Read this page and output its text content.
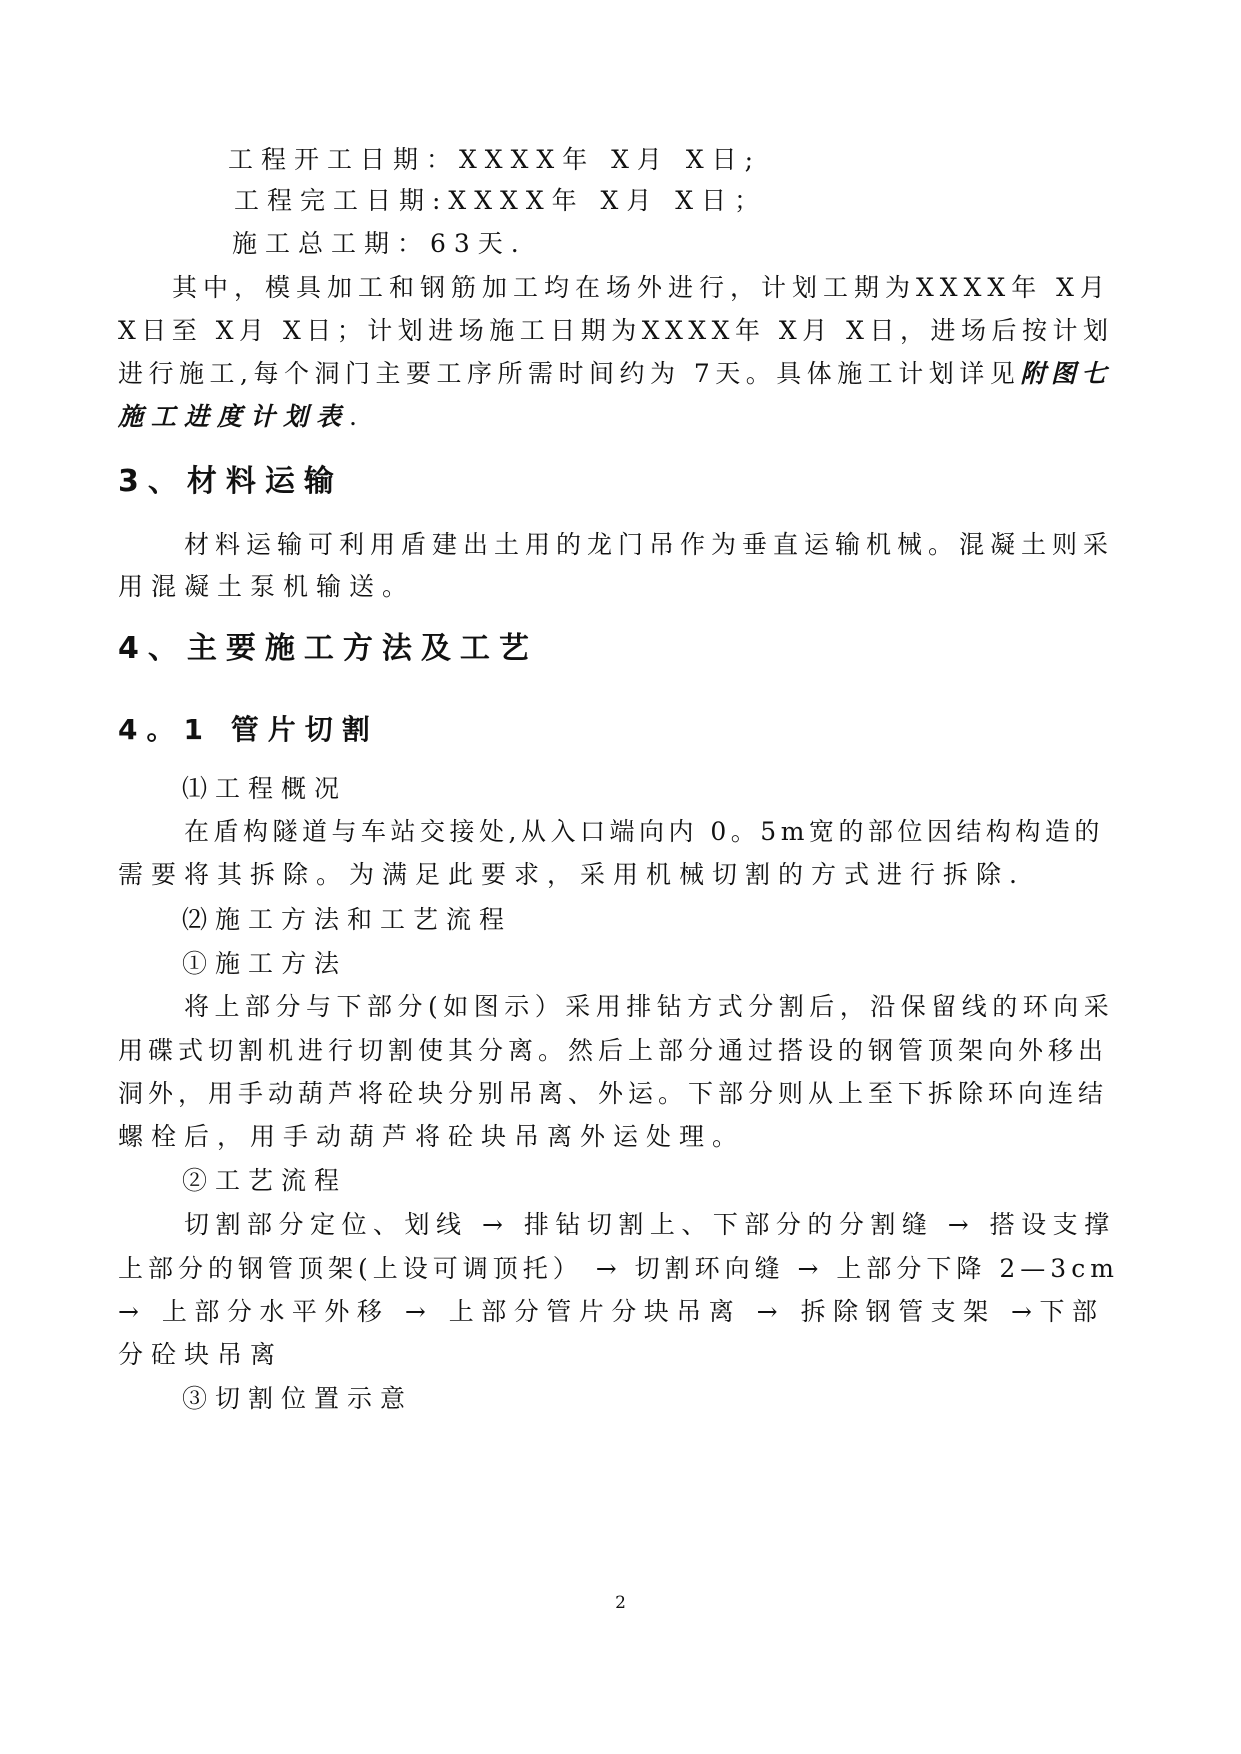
工程开工日期：XXXX年 X月 X日;
工程完工日期:XXXX年 X月 X日；
施工总工期：63天.
其中，模具加工和钢筋加工均在场外进行，计划工期为XXXX年 X月
X日至 X月 X日；计划进场施工日期为XXXX年 X月 X日，进场后按计划
进行施工,每个洞门主要工序所需时间约为 7天。具体施工计划详见附图七
施工进度计划表.
3、材料运输
材料运输可利用盾建出土用的龙门吊作为垂直运输机械。混凝土则采
用混凝土泵机输送。
4、主要施工方法及工艺
4。1 管片切割
⑴工程概况
在盾构隧道与车站交接处,从入口端向内 0。5m宽的部位因结构构造的
需要将其拆除。为满足此要求，采用机械切割的方式进行拆除.
⑵施工方法和工艺流程
①施工方法
将上部分与下部分(如图示）采用排钻方式分割后，沿保留线的环向采
用碟式切割机进行切割使其分离。然后上部分通过搭设的钢管顶架向外移出
洞外，用手动葫芦将砼块分别吊离、外运。下部分则从上至下拆除环向连结
螺栓后，用手动葫芦将砼块吊离外运处理。
②工艺流程
切割部分定位、划线 → 排钻切割上、下部分的分割缝 → 搭设支撑
上部分的钢管顶架(上设可调顶托） → 切割环向缝 → 上部分下降 2—3cm
→ 上部分水平外移 → 上部分管片分块吊离 → 拆除钢管支架 →下部
分砼块吊离
③切割位置示意
2
